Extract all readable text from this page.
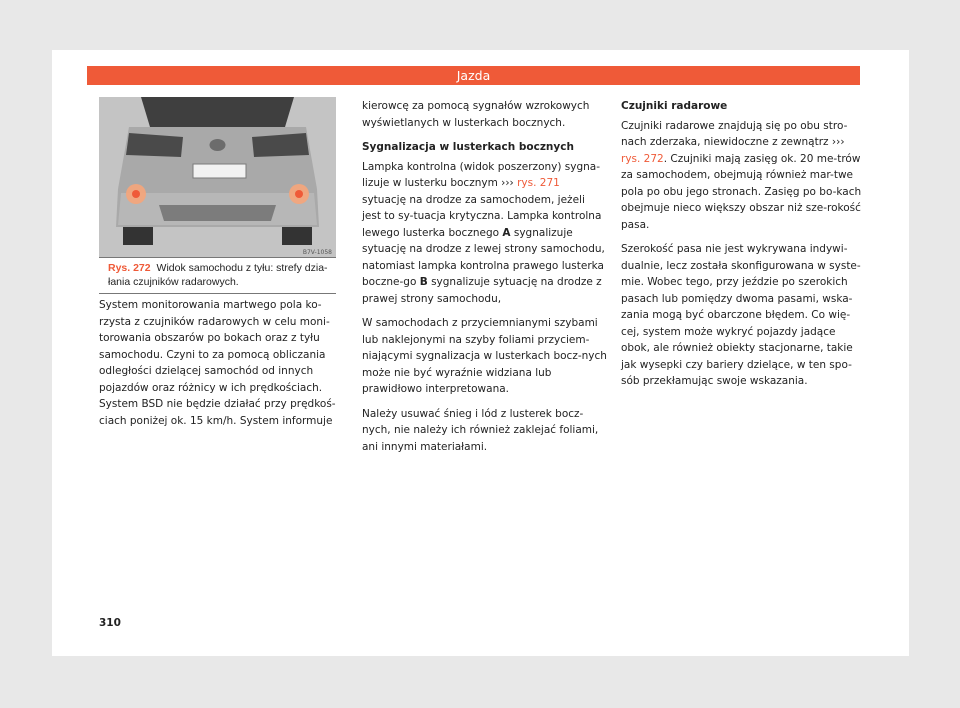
Jazda
B7V-1058
Rys. 272 Widok samochodu z tyłu: strefy dzia-łania czujników radarowych.

System monitorowania martwego pola ko-rzysta z czujników radarowych w celu moni-torowania obszarów po bokach oraz z tyłu samochodu. Czyni to za pomocą obliczania odległości dzielącej samochód od innych pojazdów oraz różnicy w ich prędkościach. System BSD nie będzie działać przy prędkoś-ciach poniżej ok. 15 km/h. System informuje

kierowcę za pomocą sygnałów wzrokowych wyświetlanych w lusterkach bocznych.

Sygnalizacja w lusterkach bocznych

Lampka kontrolna (widok poszerzony) sygna-lizuje w lusterku bocznym ››› rys. 271 sytuację na drodze za samochodem, jeżeli jest to sy-tuacja krytyczna. Lampka kontrolna lewego lusterka bocznego A sygnalizuje sytuację na drodze z lewej strony samochodu, natomiast lampka kontrolna prawego lusterka boczne-go B sygnalizuje sytuację na drodze z prawej strony samochodu,

W samochodach z przyciemnianymi szybami lub naklejonymi na szyby foliami przyciem-niającymi sygnalizacja w lusterkach bocz-nych może nie być wyraźnie widziana lub prawidłowo interpretowana.

Należy usuwać śnieg i lód z lusterek bocz-nych, nie należy ich również zaklejać foliami, ani innymi materiałami.

Czujniki radarowe

Czujniki radarowe znajdują się po obu stro-nach zderzaka, niewidoczne z zewnątrz ››› rys. 272. Czujniki mają zasięg ok. 20 me-trów za samochodem, obejmują również mar-twe pola po obu jego stronach. Zasięg po bo-kach obejmuje nieco większy obszar niż sze-rokość pasa.

Szerokość pasa nie jest wykrywana indywi-dualnie, lecz została skonfigurowana w syste-mie. Wobec tego, przy jeździe po szerokich pasach lub pomiędzy dwoma pasami, wska-zania mogą być obarczone błędem. Co wię-cej, system może wykryć pojazdy jadące obok, ale również obiekty stacjonarne, takie jak wysepki czy bariery dzielące, w ten spo-sób przekłamując swoje wskazania.

310
